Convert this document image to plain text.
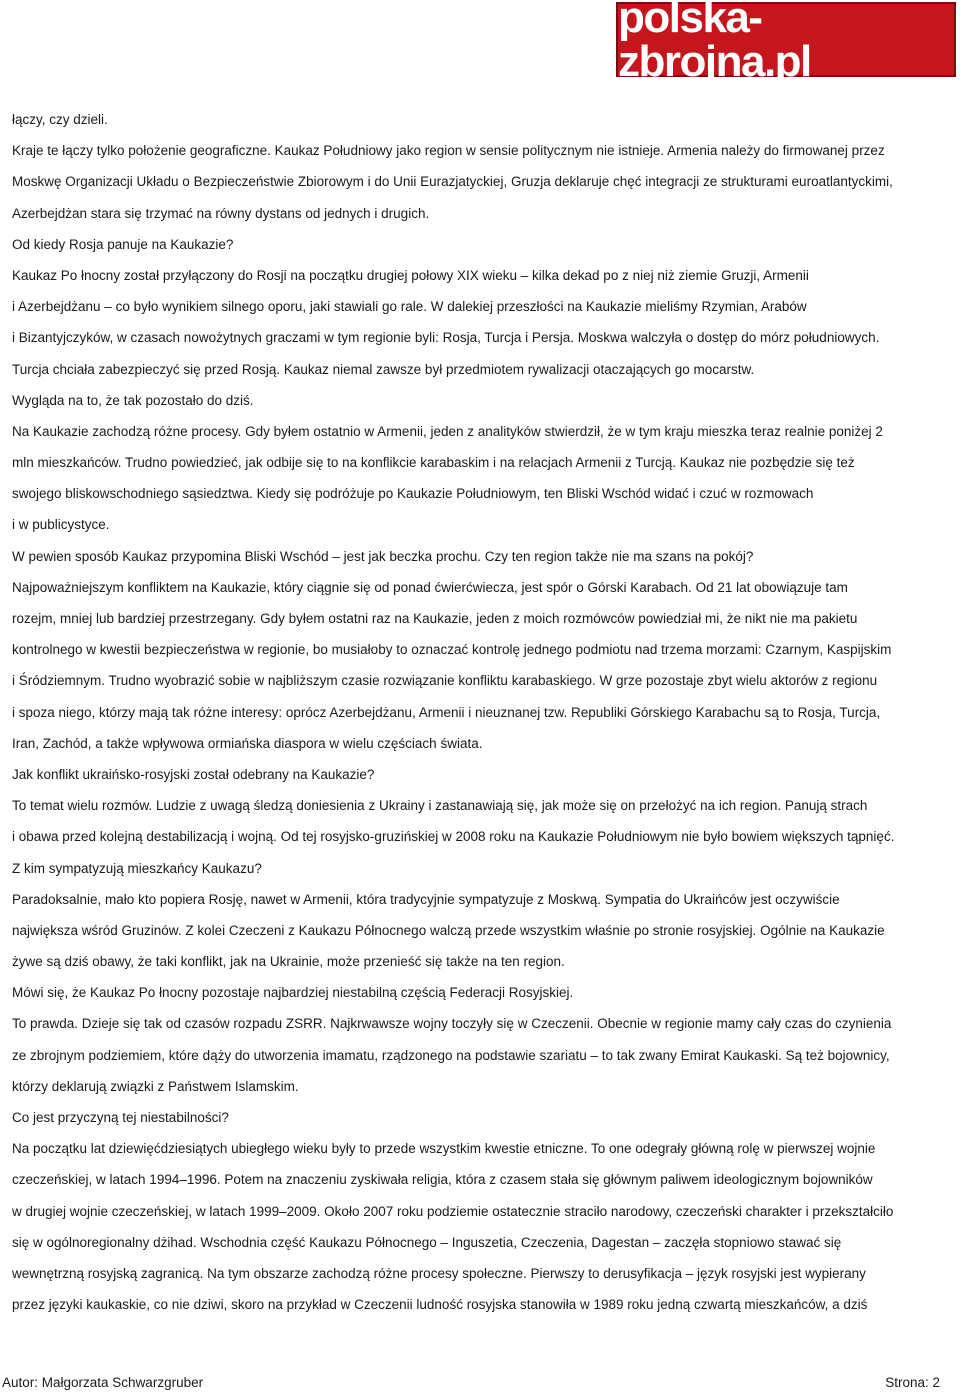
polska-zbrojna.pl

łączy, czy dzieli.

Kraje te łączy tylko położenie geograficzne. Kaukaz Południowy jako region w sensie politycznym nie istnieje. Armenia należy do firmowanej przez

Moskwę Organizacji Układu o Bezpieczeństwie Zbiorowym i do Unii Eurazjatyckiej, Gruzja deklaruje chęć integracji ze strukturami euroatlantyckimi,

Azerbejdżan stara się trzymać na równy dystans od jednych i drugich.

Od kiedy Rosja panuje na Kaukazie?

Kaukaz Po łnocny został przyłączony do Rosji na początku drugiej połowy XIX wieku – kilka dekad po z niej niż ziemie Gruzji, Armenii

i Azerbejdżanu – co było wynikiem silnego oporu, jaki stawiali go rale. W dalekiej przeszłości na Kaukazie mieliśmy Rzymian, Arabów

i Bizantyjczyków, w czasach nowożytnych graczami w tym regionie byli: Rosja, Turcja i Persja. Moskwa walczyła o dostęp do mórz południowych.

Turcja chciała zabezpieczyć się przed Rosją. Kaukaz niemal zawsze był przedmiotem rywalizacji otaczających go mocarstw.

Wygląda na to, że tak pozostało do dziś.

Na Kaukazie zachodzą różne procesy. Gdy byłem ostatnio w Armenii, jeden z analityków stwierdził, że w tym kraju mieszka teraz realnie poniżej 2

mln mieszkańców. Trudno powiedzieć, jak odbije się to na konflikcie karabaskim i na relacjach Armenii z Turcją. Kaukaz nie pozbędzie się też

swojego bliskowschodniego sąsiedztwa. Kiedy się podróżuje po Kaukazie Południowym, ten Bliski Wschód widać i czuć w rozmowach

i w publicystyce.

W pewien sposób Kaukaz przypomina Bliski Wschód – jest jak beczka prochu. Czy ten region także nie ma szans na pokój?

Najpoważniejszym konfliktem na Kaukazie, który ciągnie się od ponad ćwierćwiecza, jest spór o Górski Karabach. Od 21 lat obowiązuje tam

rozejm, mniej lub bardziej przestrzegany. Gdy byłem ostatni raz na Kaukazie, jeden z moich rozmówców powiedział mi, że nikt nie ma pakietu

kontrolnego w kwestii bezpieczeństwa w regionie, bo musiałoby to oznaczać kontrolę jednego podmiotu nad trzema morzami: Czarnym, Kaspijskim

i Śródziemnym. Trudno wyobrazić sobie w najbliższym czasie rozwiązanie konfliktu karabaskiego. W grze pozostaje zbyt wielu aktorów z regionu

i spoza niego, którzy mają tak różne interesy: oprócz Azerbejdżanu, Armenii i nieuznanej tzw. Republiki Górskiego Karabachu są to Rosja, Turcja,

Iran, Zachód, a także wpływowa ormiańska diaspora w wielu częściach świata.

Jak konflikt ukraińsko-rosyjski został odebrany na Kaukazie?

To temat wielu rozmów. Ludzie z uwagą śledzą doniesienia z Ukrainy i zastanawiają się, jak może się on przełożyć na ich region. Panują strach

i obawa przed kolejną destabilizacją i wojną. Od tej rosyjsko-gruzińskiej w 2008 roku na Kaukazie Południowym nie było bowiem większych tąpnięć.

Z kim sympatyzują mieszkańcy Kaukazu?

Paradoksalnie, mało kto popiera Rosję, nawet w Armenii, która tradycyjnie sympatyzuje z Moskwą. Sympatia do Ukraińców jest oczywiście

największa wśród Gruzinów. Z kolei Czeczeni z Kaukazu Północnego walczą przede wszystkim właśnie po stronie rosyjskiej. Ogólnie na Kaukazie

żywe są dziś obawy, że taki konflikt, jak na Ukrainie, może przenieść się także na ten region.

Mówi się, że Kaukaz Po łnocny pozostaje najbardziej niestabilną częścią Federacji Rosyjskiej.

To prawda. Dzieje się tak od czasów rozpadu ZSRR. Najkrwawsze wojny toczyły się w Czeczenii. Obecnie w regionie mamy cały czas do czynienia

ze zbrojnym podziemiem, które dąży do utworzenia imamatu, rządzonego na podstawie szariatu – to tak zwany Emirat Kaukaski. Są też bojownicy,

którzy deklarują związki z Państwem Islamskim.

Co jest przyczyną tej niestabilności?

Na początku lat dziewięćdziesiątych ubiegłego wieku były to przede wszystkim kwestie etniczne. To one odegrały główną rolę w pierwszej wojnie

czeczeńskiej, w latach 1994–1996. Potem na znaczeniu zyskiwała religia, która z czasem stała się głównym paliwem ideologicznym bojowników

w drugiej wojnie czeczeńskiej, w latach 1999–2009. Około 2007 roku podziemie ostatecznie straciło narodowy, czeczeński charakter i przekształciło

się w ogólnoregionalny dżihad. Wschodnia część Kaukazu Północnego – Inguszetia, Czeczenia, Dagestan – zaczęła stopniowo stawać się

wewnętrzną rosyjską zagranicą. Na tym obszarze zachodzą różne procesy społeczne. Pierwszy to derusyfikacja – język rosyjski jest wypierany

przez języki kaukaskie, co nie dziwi, skoro na przykład w Czeczenii ludność rosyjska stanowiła w 1989 roku jedną czwartą mieszkańców, a dziś

Autor: Małgorzata Schwarzgruber	Strona: 2
